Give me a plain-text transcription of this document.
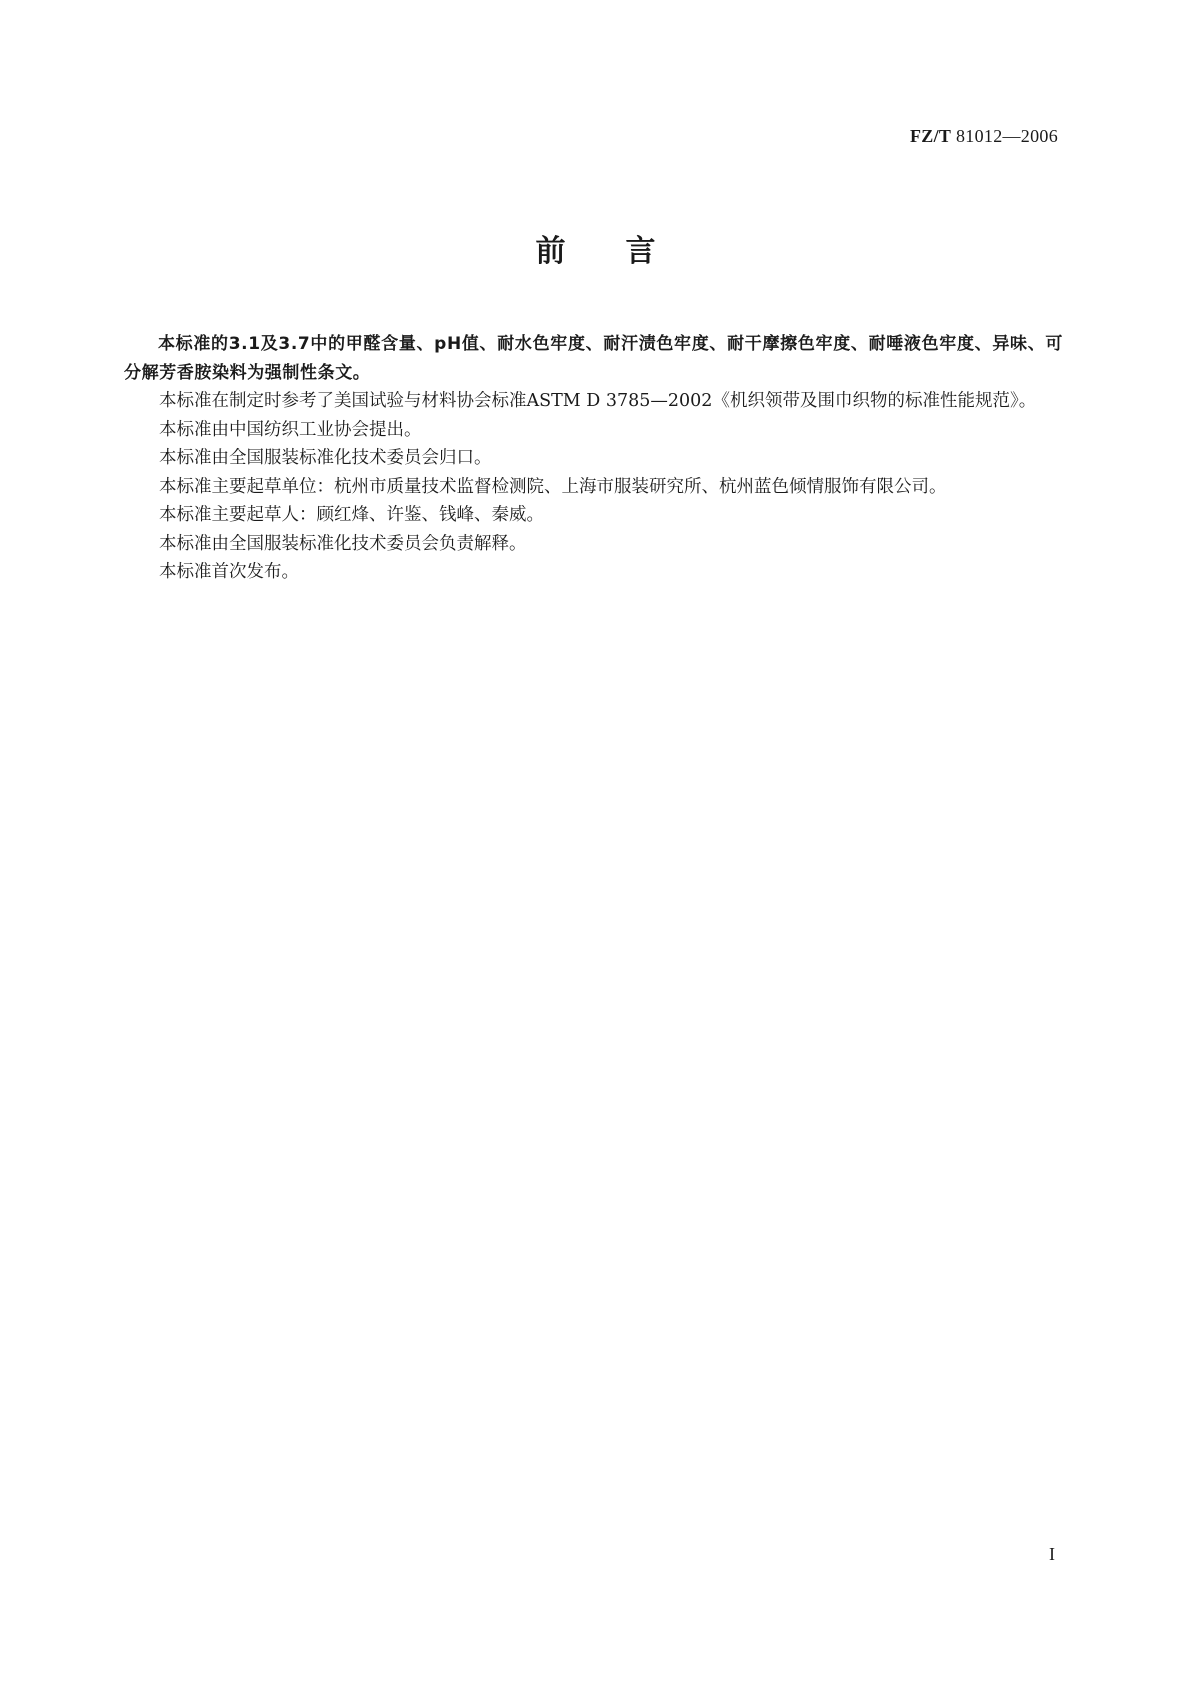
FZ/T 81012—2006
前言

本标准的3.1及3.7中的甲醛含量、pH值、耐水色牢度、耐汗渍色牢度、耐干摩擦色牢度、耐唾液色牢度、异味、可分解芳香胺染料为强制性条文。

本标准在制定时参考了美国试验与材料协会标准ASTM D 3785—2002《机织领带及围巾织物的标准性能规范》。

本标准由中国纺织工业协会提出。

本标准由全国服装标准化技术委员会归口。

本标准主要起草单位：杭州市质量技术监督检测院、上海市服装研究所、杭州蓝色倾情服饰有限公司。

本标准主要起草人：顾红烽、许鉴、钱峰、秦威。

本标准由全国服装标准化技术委员会负责解释。

本标准首次发布。

I
